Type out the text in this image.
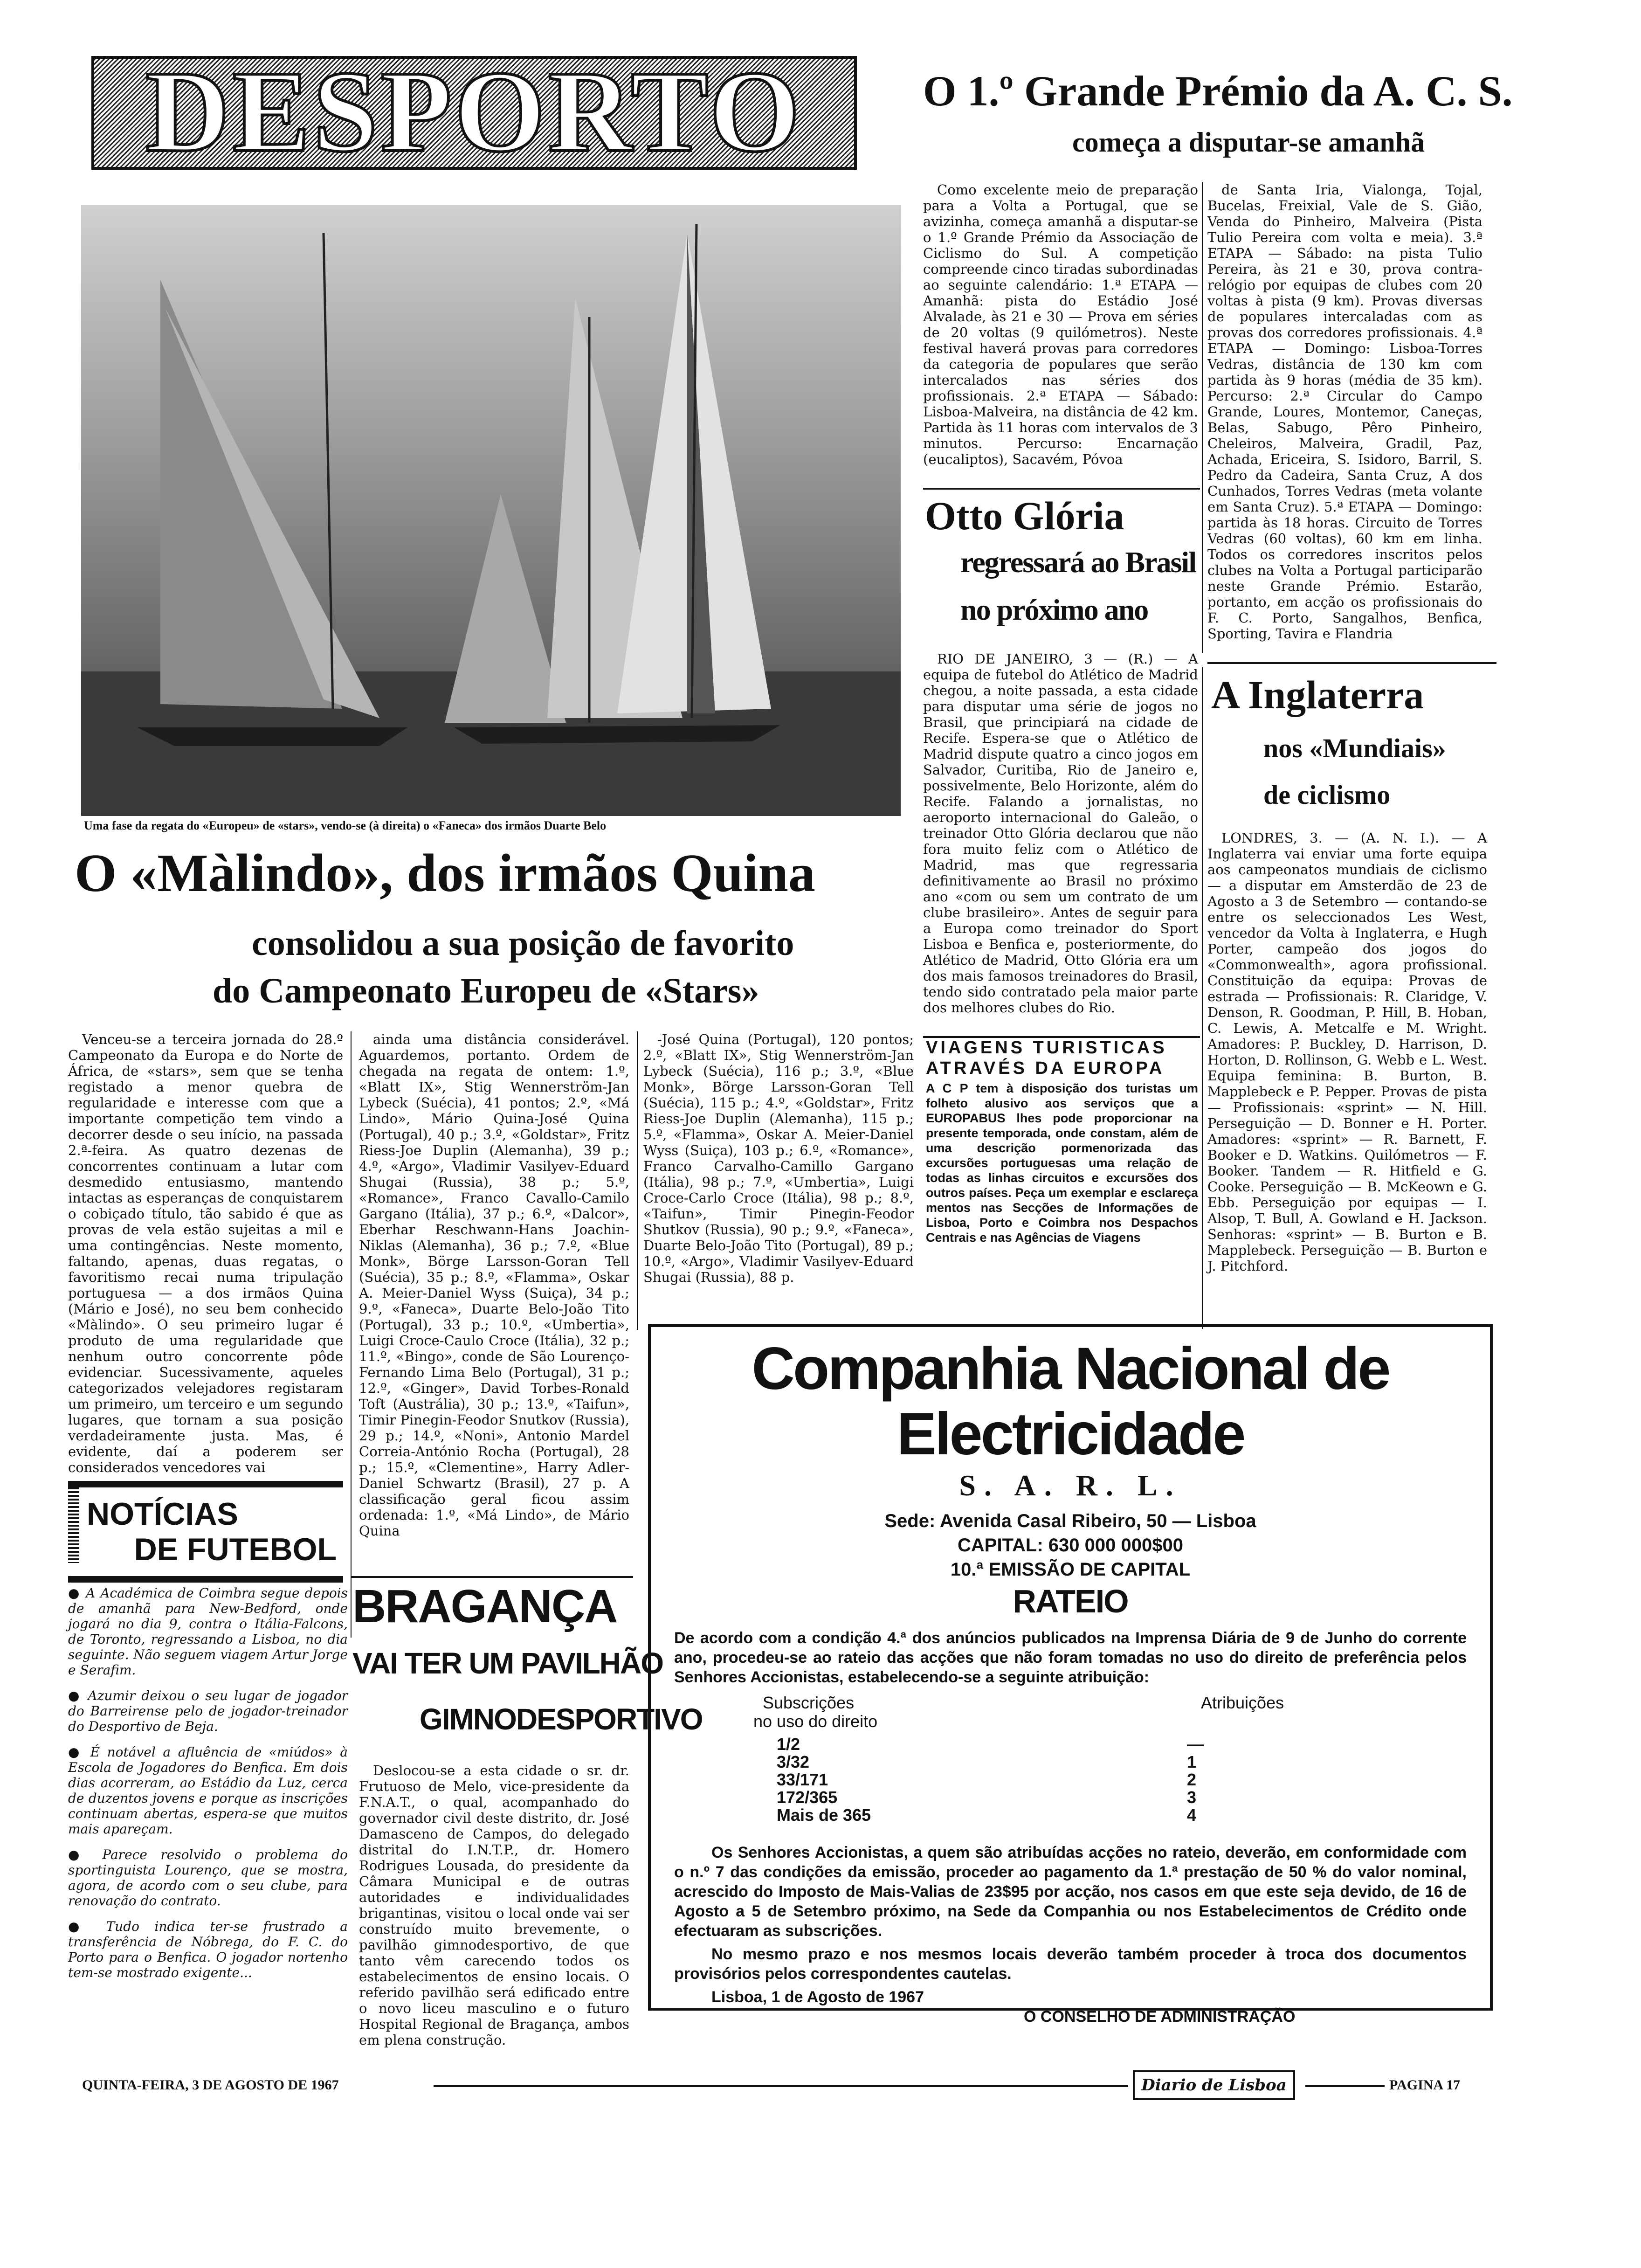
DESPORTO
Uma fase da regata do «Europeu» de «stars», vendo-se (à direita) o «Faneca» dos irmãos Duarte Belo
O «Màlindo», dos irmãos Quina
consolidou a sua posição de favorito
do Campeonato Europeu de «Stars»

Venceu-se a terceira jornada do 28.º Campeonato da Europa e do Norte de África, de «stars», sem que se tenha registado a menor quebra de regularidade e interesse com que a importante competição tem vindo a decorrer desde o seu início, na passada 2.ª-feira. As quatro dezenas de concorrentes continuam a lutar com desmedido entusiasmo, mantendo intactas as esperanças de conquistarem o cobiçado título, tão sabido é que as provas de vela estão sujeitas a mil e uma contingências. Neste momento, faltando, apenas, duas regatas, o favoritismo recai numa tripulação portuguesa — a dos irmãos Quina (Mário e José), no seu bem conhecido «Màlindo». O seu primeiro lugar é produto de uma regularidade que nenhum outro concorrente pôde evidenciar. Sucessivamente, aqueles categorizados velejadores registaram um primeiro, um terceiro e um segundo lugares, que tornam a sua posição verdadeiramente justa. Mas, é evidente, daí a poderem ser considerados vencedores vai

ainda uma distância considerável. Aguardemos, portanto. Ordem de chegada na regata de ontem: 1.º, «Blatt IX», Stig Wennerström-Jan Lybeck (Suécia), 41 pontos; 2.º, «Má Lindo», Mário Quina-José Quina (Portugal), 40 p.; 3.º, «Goldstar», Fritz Riess-Joe Duplin (Alemanha), 39 p.; 4.º, «Argo», Vladimir Vasilyev-Eduard Shugai (Russia), 38 p.; 5.º, «Romance», Franco Cavallo-Camilo Gargano (Itália), 37 p.; 6.º, «Dalcor», Eberhar Reschwann-Hans Joachin-Niklas (Alemanha), 36 p.; 7.º, «Blue Monk», Börge Larsson-Goran Tell (Suécia), 35 p.; 8.º, «Flamma», Oskar A. Meier-Daniel Wyss (Suiça), 34 p.; 9.º, «Faneca», Duarte Belo-João Tito (Portugal), 33 p.; 10.º, «Umbertia», Luigi Croce-Caulo Croce (Itália), 32 p.; 11.º, «Bingo», conde de São Lourenço-Fernando Lima Belo (Portugal), 31 p.; 12.º, «Ginger», David Torbes-Ronald Toft (Austrália), 30 p.; 13.º, «Taifun», Timir Pinegin-Feodor Snutkov (Russia), 29 p.; 14.º, «Noni», Antonio Mardel Correia-António Rocha (Portugal), 28 p.; 15.º, «Clementine», Harry Adler-Daniel Schwartz (Brasil), 27 p. A classificação geral ficou assim ordenada: 1.º, «Má Lindo», de Mário Quina

-José Quina (Portugal), 120 pontos; 2.º, «Blatt IX», Stig Wennerström-Jan Lybeck (Suécia), 116 p.; 3.º, «Blue Monk», Börge Larsson-Goran Tell (Suécia), 115 p.; 4.º, «Goldstar», Fritz Riess-Joe Duplin (Alemanha), 115 p.; 5.º, «Flamma», Oskar A. Meier-Daniel Wyss (Suiça), 103 p.; 6.º, «Romance», Franco Carvalho-Camillo Gargano (Itália), 98 p.; 7.º, «Umbertia», Luigi Croce-Carlo Croce (Itália), 98 p.; 8.º, «Taifun», Timir Pinegin-Feodor Shutkov (Russia), 90 p.; 9.º, «Faneca», Duarte Belo-João Tito (Portugal), 89 p.; 10.º, «Argo», Vladimir Vasilyev-Eduard Shugai (Russia), 88 p.

NOTÍCIAS
DE FUTEBOL

● A Académica de Coimbra segue depois de amanhã para New-Bedford, onde jogará no dia 9, contra o Itália-Falcons, de Toronto, regressando a Lisboa, no dia seguinte. Não seguem viagem Artur Jorge e Serafim.

● Azumir deixou o seu lugar de jogador do Barreirense pelo de jogador-treinador do Desportivo de Beja.

● É notável a afluência de «miúdos» à Escola de Jogadores do Benfica. Em dois dias acorreram, ao Estádio da Luz, cerca de duzentos jovens e porque as inscrições continuam abertas, espera-se que muitos mais apareçam.

● Parece resolvido o problema do sportinguista Lourenço, que se mostra, agora, de acordo com o seu clube, para renovação do contrato.

● Tudo indica ter-se frustrado a transferência de Nóbrega, do F. C. do Porto para o Benfica. O jogador nortenho tem-se mostrado exigente...

BRAGANÇA
VAI TER UM PAVILHÃO
GIMNODESPORTIVO

Deslocou-se a esta cidade o sr. dr. Frutuoso de Melo, vice-presidente da F.N.A.T., o qual, acompanhado do governador civil deste distrito, dr. José Damasceno de Campos, do delegado distrital do I.N.T.P., dr. Homero Rodrigues Lousada, do presidente da Câmara Municipal e de outras autoridades e individualidades brigantinas, visitou o local onde vai ser construído muito brevemente, o pavilhão gimnodesportivo, de que tanto vêm carecendo todos os estabelecimentos de ensino locais. O referido pavilhão será edificado entre o novo liceu masculino e o futuro Hospital Regional de Bragança, ambos em plena construção.

O 1.º Grande Prémio da A. C. S.
começa a disputar-se amanhã

Como excelente meio de preparação para a Volta a Portugal, que se avizinha, começa amanhã a disputar-se o 1.º Grande Prémio da Associação de Ciclismo do Sul. A competição compreende cinco tiradas subordinadas ao seguinte calendário: 1.ª ETAPA — Amanhã: pista do Estádio José Alvalade, às 21 e 30 — Prova em séries de 20 voltas (9 quilómetros). Neste festival haverá provas para corredores da categoria de populares que serão intercalados nas séries dos profissionais. 2.ª ETAPA — Sábado: Lisboa-Malveira, na distância de 42 km. Partida às 11 horas com intervalos de 3 minutos. Percurso: Encarnação (eucaliptos), Sacavém, Póvoa

de Santa Iria, Vialonga, Tojal, Bucelas, Freixial, Vale de S. Gião, Venda do Pinheiro, Malveira (Pista Tulio Pereira com volta e meia). 3.ª ETAPA — Sábado: na pista Tulio Pereira, às 21 e 30, prova contra-relógio por equipas de clubes com 20 voltas à pista (9 km). Provas diversas de populares intercaladas com as provas dos corredores profissionais. 4.ª ETAPA — Domingo: Lisboa-Torres Vedras, distância de 130 km com partida às 9 horas (média de 35 km). Percurso: 2.ª Circular do Campo Grande, Loures, Montemor, Caneças, Belas, Sabugo, Pêro Pinheiro, Cheleiros, Malveira, Gradil, Paz, Achada, Ericeira, S. Isidoro, Barril, S. Pedro da Cadeira, Santa Cruz, A dos Cunhados, Torres Vedras (meta volante em Santa Cruz). 5.ª ETAPA — Domingo: partida às 18 horas. Circuito de Torres Vedras (60 voltas), 60 km em linha. Todos os corredores inscritos pelos clubes na Volta a Portugal participarão neste Grande Prémio. Estarão, portanto, em acção os profissionais do F. C. Porto, Sangalhos, Benfica, Sporting, Tavira e Flandria

Otto Glória
regressará ao Brasil
no próximo ano

RIO DE JANEIRO, 3 — (R.) — A equipa de futebol do Atlético de Madrid chegou, a noite passada, a esta cidade para disputar uma série de jogos no Brasil, que principiará na cidade de Recife. Espera-se que o Atlético de Madrid dispute quatro a cinco jogos em Salvador, Curitiba, Rio de Janeiro e, possivelmente, Belo Horizonte, além do Recife. Falando a jornalistas, no aeroporto internacional do Galeão, o treinador Otto Glória declarou que não fora muito feliz com o Atlético de Madrid, mas que regressaria definitivamente ao Brasil no próximo ano «com ou sem um contrato de um clube brasileiro». Antes de seguir para a Europa como treinador do Sport Lisboa e Benfica e, posteriormente, do Atlético de Madrid, Otto Glória era um dos mais famosos treinadores do Brasil, tendo sido contratado pela maior parte dos melhores clubes do Rio.

VIAGENS TURISTICAS
ATRAVÉS DA EUROPA
A C P tem à disposição dos turistas um folheto alusivo aos serviços que a EUROPABUS lhes pode proporcionar na presente temporada, onde constam, além de uma descrição pormenorizada das excursões portuguesas uma relação de todas as linhas circuitos e excursões dos outros países. Peça um exemplar e esclareça mentos nas Secções de Informações de Lisboa, Porto e Coimbra nos Despachos Centrais e nas Agências de Viagens
A Inglaterra
nos «Mundiais»
de ciclismo

LONDRES, 3. — (A. N. I.). — A Inglaterra vai enviar uma forte equipa aos campeonatos mundiais de ciclismo — a disputar em Amsterdão de 23 de Agosto a 3 de Setembro — contando-se entre os seleccionados Les West, vencedor da Volta à Inglaterra, e Hugh Porter, campeão dos jogos do «Commonwealth», agora profissional. Constituição da equipa: Provas de estrada — Profissionais: R. Claridge, V. Denson, R. Goodman, P. Hill, B. Hoban, C. Lewis, A. Metcalfe e M. Wright. Amadores: P. Buckley, D. Harrison, D. Horton, D. Rollinson, G. Webb e L. West. Equipa feminina: B. Burton, B. Mapplebeck e P. Pepper. Provas de pista — Profissionais: «sprint» — N. Hill. Perseguição — D. Bonner e H. Porter. Amadores: «sprint» — R. Barnett, F. Booker e D. Watkins. Quilómetros — F. Booker. Tandem — R. Hitfield e G. Cooke. Perseguição — B. McKeown e G. Ebb. Perseguição por equipas — I. Alsop, T. Bull, A. Gowland e H. Jackson. Senhoras: «sprint» — B. Burton e B. Mapplebeck. Perseguição — B. Burton e J. Pitchford.

Companhia Nacional de Electricidade
S. A. R. L.
Sede: Avenida Casal Ribeiro, 50 — Lisboa
CAPITAL: 630 000 000$00
10.ª EMISSÃO DE CAPITAL
RATEIO
De acordo com a condição 4.ª dos anúncios publicados na Imprensa Diária de 9 de Junho do corrente ano, procedeu-se ao rateio das acções que não foram tomadas no uso do direito de preferência pelos Senhores Accionistas, estabelecendo-se a seguinte atribuição:
Subscrições
no uso do direito
Atribuições
1/2	—
3/32	1
33/171	2
172/365	3
Mais de 365	4
Os Senhores Accionistas, a quem são atribuídas acções no rateio, deverão, em conformidade com o n.º 7 das condições da emissão, proceder ao pagamento da 1.ª prestação de 50 % do valor nominal, acrescido do Imposto de Mais-Valias de 23$95 por acção, nos casos em que este seja devido, de 16 de Agosto a 5 de Setembro próximo, na Sede da Companhia ou nos Estabelecimentos de Crédito onde efectuaram as subscrições.
No mesmo prazo e nos mesmos locais deverão também proceder à troca dos documentos provisórios pelos correspondentes cautelas.
Lisboa, 1 de Agosto de 1967
O CONSELHO DE ADMINISTRAÇÃO
QUINTA-FEIRA, 3 DE AGOSTO DE 1967	Diario de Lisboa	PAGINA 17
